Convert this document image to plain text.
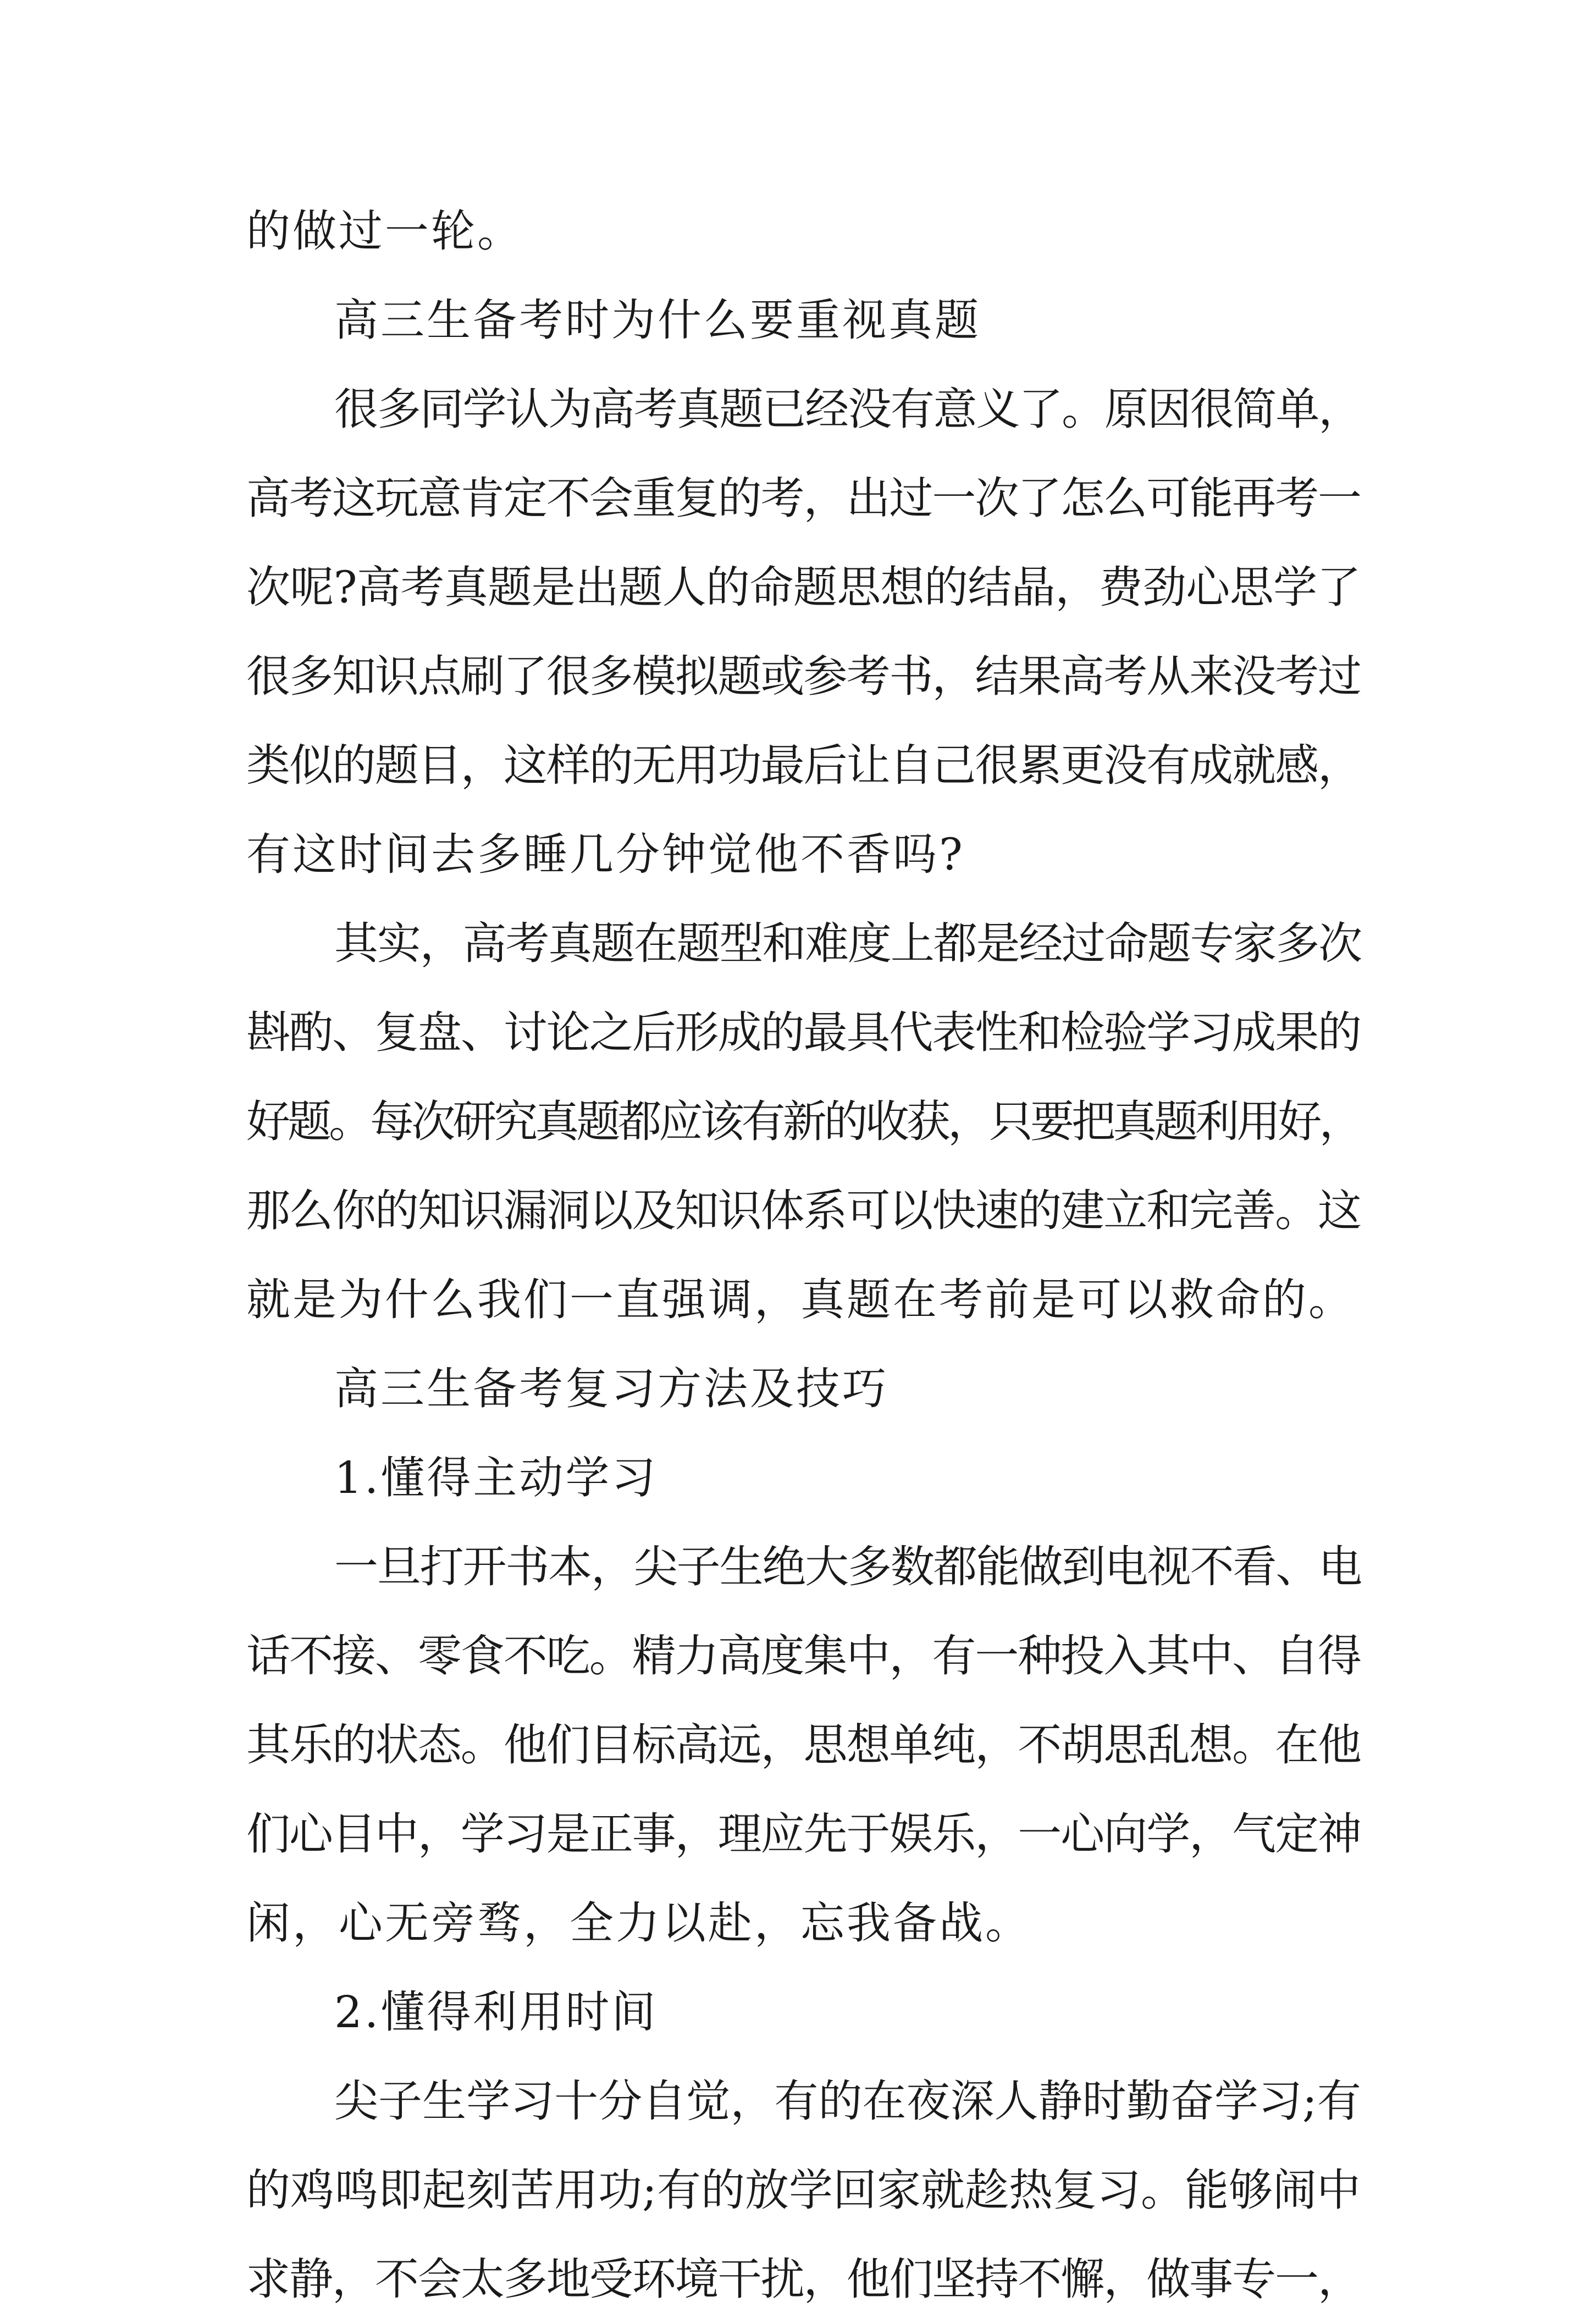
的做过一轮。
高三生备考时为什么要重视真题
很多同学认为高考真题已经没有意义了。原因很简单，
高考这玩意肯定不会重复的考，出过一次了怎么可能再考一
次呢?高考真题是出题人的命题思想的结晶，费劲心思学了
很多知识点刷了很多模拟题或参考书，结果高考从来没考过
类似的题目，这样的无用功最后让自己很累更没有成就感，
有这时间去多睡几分钟觉他不香吗?
其实，高考真题在题型和难度上都是经过命题专家多次
斟酌、复盘、讨论之后形成的最具代表性和检验学习成果的
好题。每次研究真题都应该有新的收获，只要把真题利用好，
那么你的知识漏洞以及知识体系可以快速的建立和完善。这
就是为什么我们一直强调，真题在考前是可以救命的。
高三生备考复习方法及技巧
1.懂得主动学习
一旦打开书本，尖子生绝大多数都能做到电视不看、电
话不接、零食不吃。精力高度集中，有一种投入其中、自得
其乐的状态。他们目标高远，思想单纯，不胡思乱想。在他
们心目中，学习是正事，理应先于娱乐，一心向学，气定神
闲，心无旁骛，全力以赴，忘我备战。
2.懂得利用时间
尖子生学习十分自觉，有的在夜深人静时勤奋学习;有
的鸡鸣即起刻苦用功;有的放学回家就趁热复习。能够闹中
求静，不会太多地受环境干扰，他们坚持不懈，做事专一，
